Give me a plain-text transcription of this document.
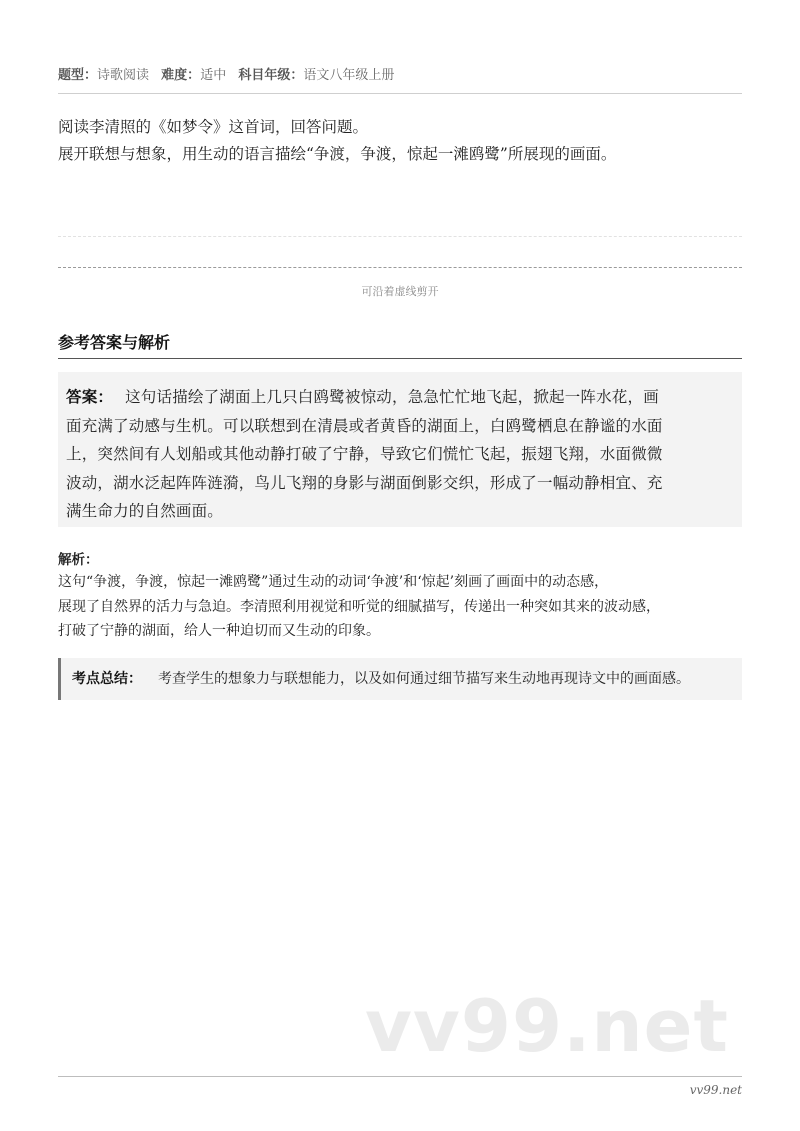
题型：诗歌阅读 难度：适中 科目年级：语文八年级上册
阅读李清照的《如梦令》这首词，回答问题。
展开联想与想象，用生动的语言描绘“争渡，争渡，惊起一滩鸥鹭”所展现的画面。
可沿着虚线剪开
参考答案与解析
答案： 这句话描绘了湖面上几只白鸥鹭被惊动，急急忙忙地飞起，掀起一阵水花，画
面充满了动感与生机。可以联想到在清晨或者黄昏的湖面上，白鸥鹭栖息在静谧的水面
上，突然间有人划船或其他动静打破了宁静，导致它们慌忙飞起，振翅飞翔，水面微微
波动，湖水泛起阵阵涟漪，鸟儿飞翔的身影与湖面倒影交织，形成了一幅动静相宜、充
满生命力的自然画面。
解析：
这句“争渡，争渡，惊起一滩鸥鹭”通过生动的动词‘争渡’和‘惊起’刻画了画面中的动态感，
展现了自然界的活力与急迫。李清照利用视觉和听觉的细腻描写，传递出一种突如其来的波动感，
打破了宁静的湖面，给人一种迫切而又生动的印象。
考点总结： 考查学生的想象力与联想能力，以及如何通过细节描写来生动地再现诗文中的画面感。
vv99.net
vv99.net
